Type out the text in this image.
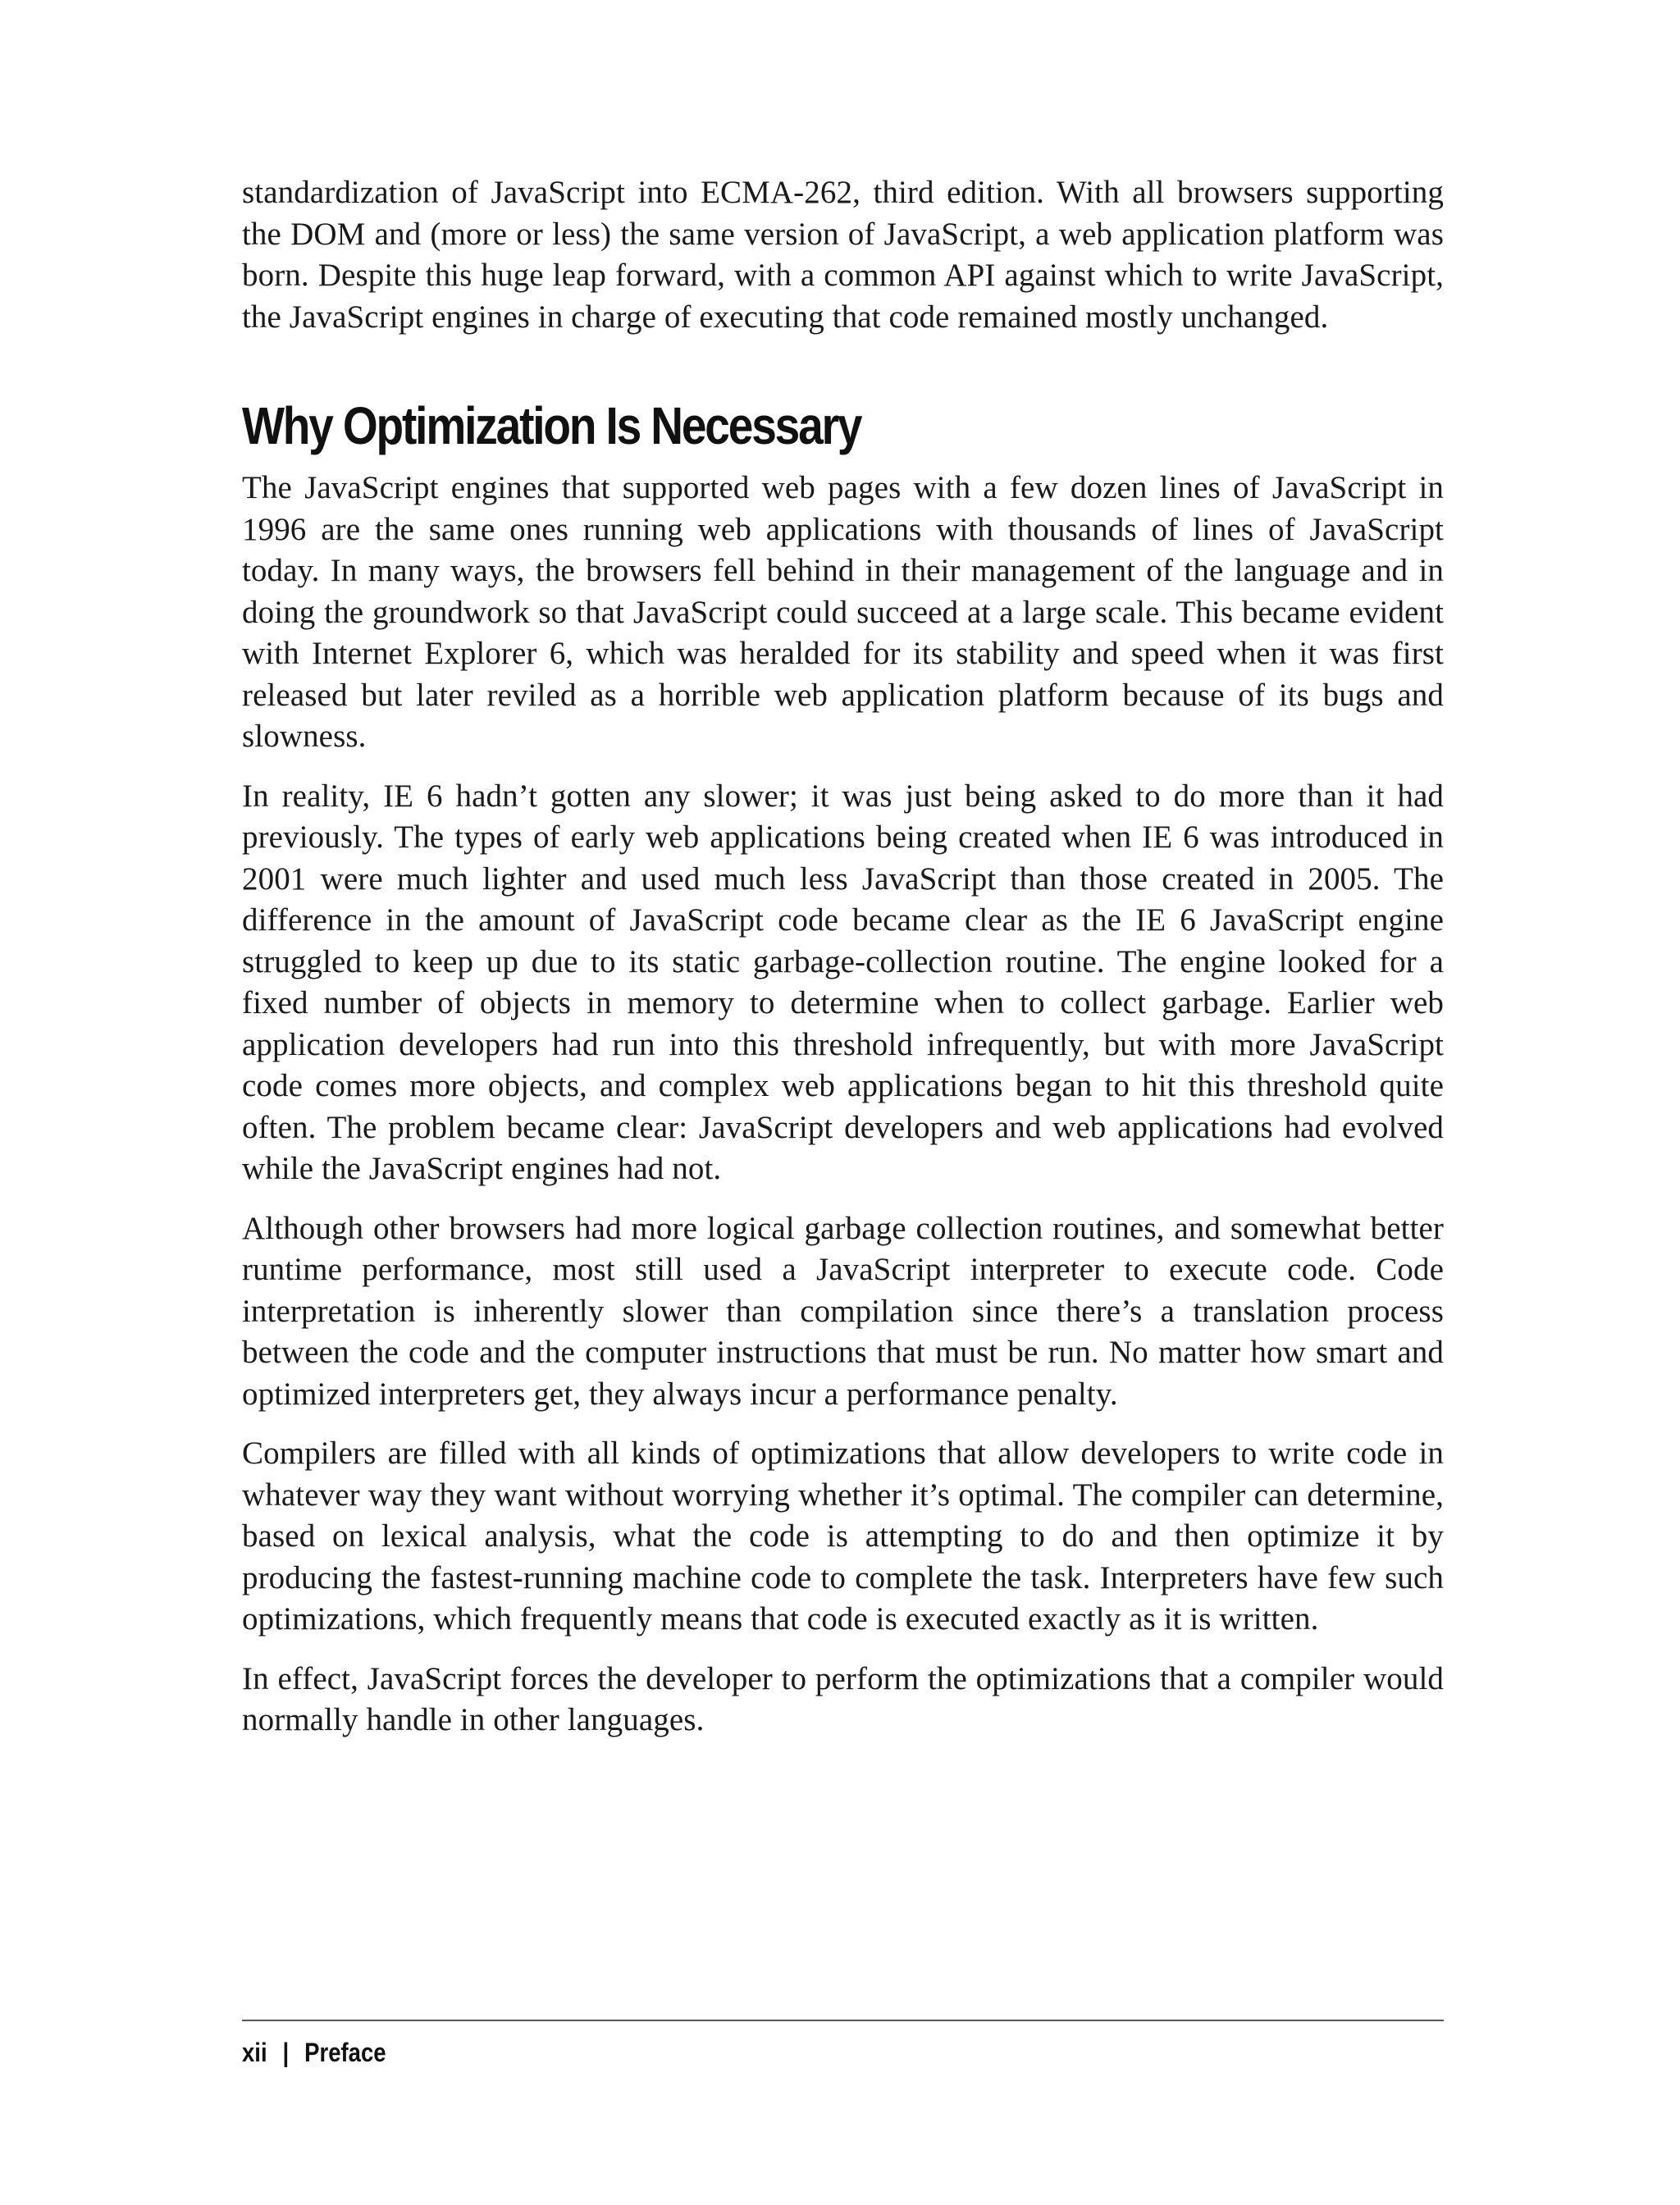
standardization of JavaScript into ECMA-262, third edition. With all browsers supporting the DOM and (more or less) the same version of JavaScript, a web application platform was born. Despite this huge leap forward, with a common API against which to write JavaScript, the JavaScript engines in charge of executing that code remained mostly unchanged.

Why Optimization Is Necessary

The JavaScript engines that supported web pages with a few dozen lines of JavaScript in 1996 are the same ones running web applications with thousands of lines of JavaScript today. In many ways, the browsers fell behind in their management of the language and in doing the groundwork so that JavaScript could succeed at a large scale. This became evident with Internet Explorer 6, which was heralded for its stability and speed when it was first released but later reviled as a horrible web application platform because of its bugs and slowness.

In reality, IE 6 hadn’t gotten any slower; it was just being asked to do more than it had previously. The types of early web applications being created when IE 6 was introduced in 2001 were much lighter and used much less JavaScript than those created in 2005. The difference in the amount of JavaScript code became clear as the IE 6 JavaScript engine struggled to keep up due to its static garbage-collection routine. The engine looked for a fixed number of objects in memory to determine when to collect garbage. Earlier web application developers had run into this threshold infrequently, but with more JavaScript code comes more objects, and complex web applications began to hit this threshold quite often. The problem became clear: JavaScript developers and web applications had evolved while the JavaScript engines had not.

Although other browsers had more logical garbage collection routines, and somewhat better runtime performance, most still used a JavaScript interpreter to execute code. Code interpretation is inherently slower than compilation since there’s a translation process between the code and the computer instructions that must be run. No matter how smart and optimized interpreters get, they always incur a performance penalty.

Compilers are filled with all kinds of optimizations that allow developers to write code in whatever way they want without worrying whether it’s optimal. The compiler can determine, based on lexical analysis, what the code is attempting to do and then optimize it by producing the fastest-running machine code to complete the task. Interpreters have few such optimizations, which frequently means that code is executed exactly as it is written.

In effect, JavaScript forces the developer to perform the optimizations that a compiler would normally handle in other languages.

xii | Preface
